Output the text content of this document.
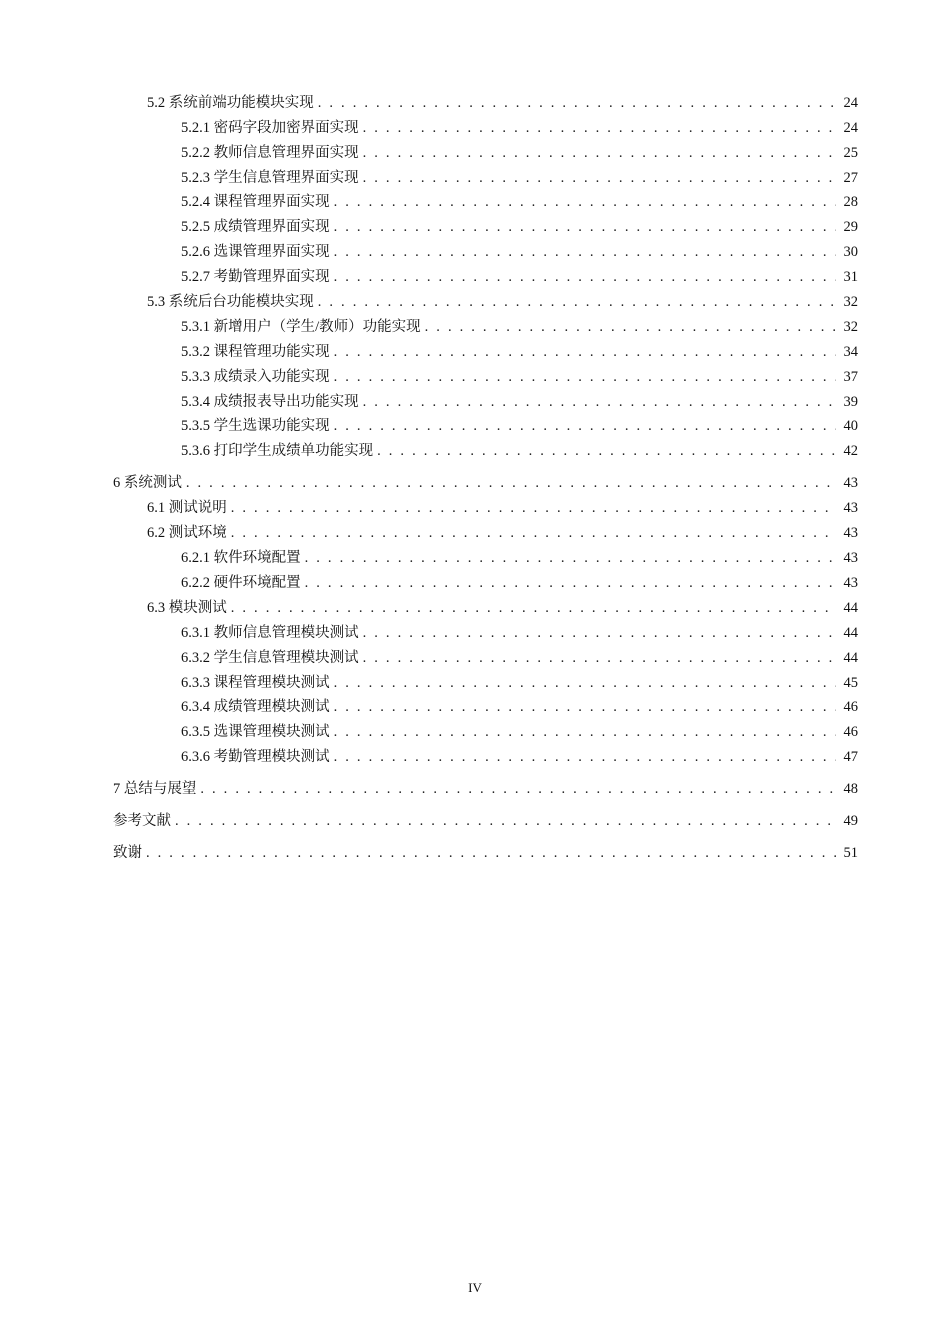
5.2 系统前端功能模块实现 . . .	24
5.2.1 密码字段加密界面实现 . . .	24
5.2.2 教师信息管理界面实现 . . .	25
5.2.3 学生信息管理界面实现 . . .	27
5.2.4 课程管理界面实现 . . .	28
5.2.5 成绩管理界面实现 . . .	29
5.2.6 选课管理界面实现 . . .	30
5.2.7 考勤管理界面实现 . . .	31
5.3 系统后台功能模块实现 . . .	32
5.3.1 新增用户（学生/教师）功能实现 . . .	32
5.3.2 课程管理功能实现 . . .	34
5.3.3 成绩录入功能实现 . . .	37
5.3.4 成绩报表导出功能实现 . . .	39
5.3.5 学生选课功能实现 . . .	40
5.3.6 打印学生成绩单功能实现 . . .	42
6 系统测试 . . .	43
6.1 测试说明 . . .	43
6.2 测试环境 . . .	43
6.2.1 软件环境配置 . . .	43
6.2.2 硬件环境配置 . . .	43
6.3 模块测试 . . .	44
6.3.1 教师信息管理模块测试 . . .	44
6.3.2 学生信息管理模块测试 . . .	44
6.3.3 课程管理模块测试 . . .	45
6.3.4 成绩管理模块测试 . . .	46
6.3.5 选课管理模块测试 . . .	46
6.3.6 考勤管理模块测试 . . .	47
7 总结与展望 . . .	48
参考文献 . . .	49
致谢 . . .	51
IV
